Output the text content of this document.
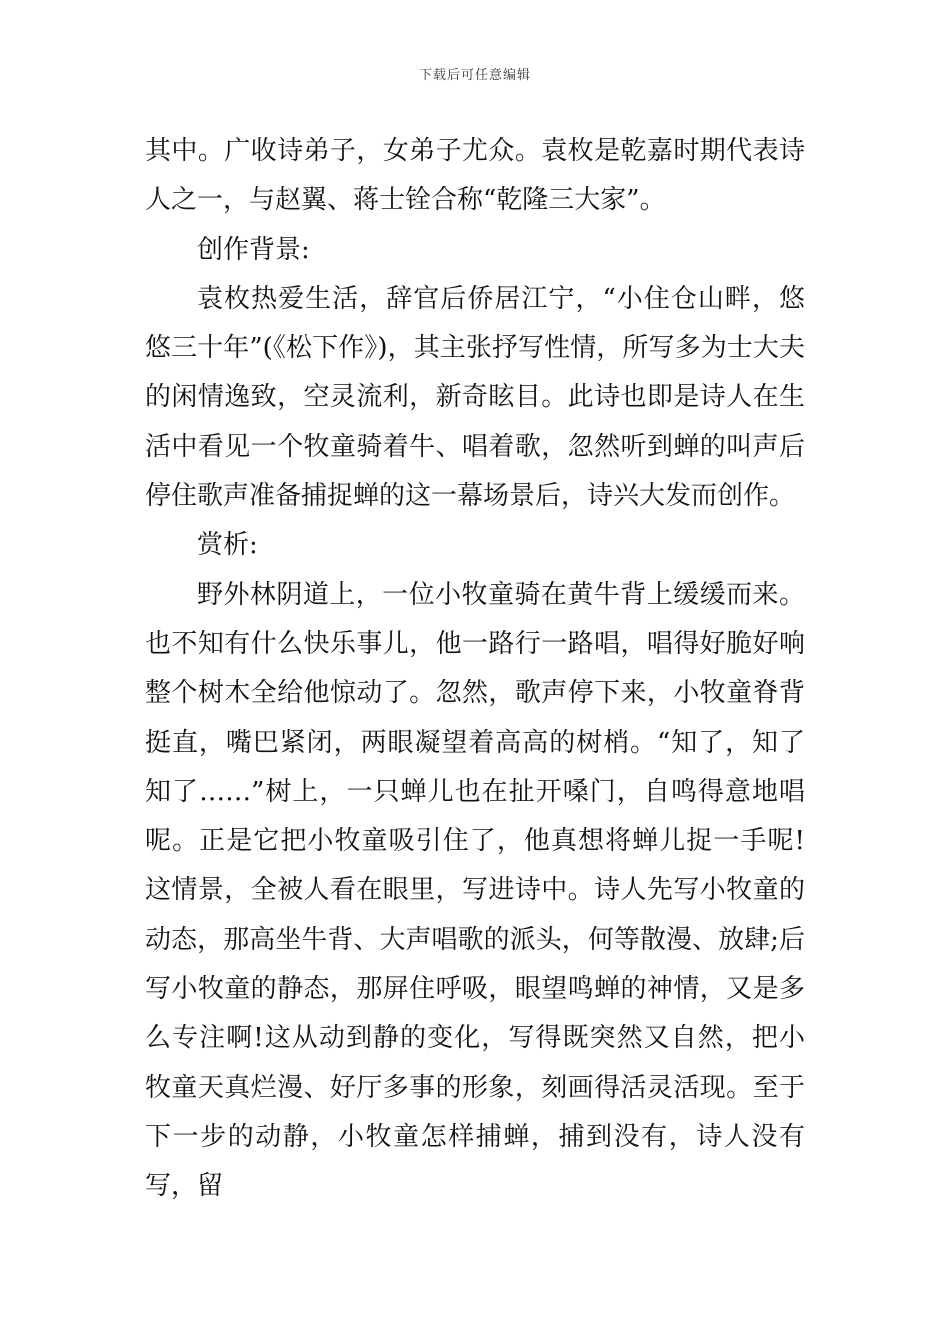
下载后可任意编辑

其中。广收诗弟子，女弟子尤众。袁枚是乾嘉时期代表诗人之一，与赵翼、蒋士铨合称“乾隆三大家”。

创作背景:

袁枚热爱生活，辞官后侨居江宁，“小住仓山畔，悠悠三十年”(《松下作》)，其主张抒写性情，所写多为士大夫的闲情逸致，空灵流利，新奇眩目。此诗也即是诗人在生活中看见一个牧童骑着牛、唱着歌，忽然听到蝉的叫声后停住歌声准备捕捉蝉的这一幕场景后，诗兴大发而创作。

赏析:

野外林阴道上，一位小牧童骑在黄牛背上缓缓而来。也不知有什么快乐事儿，他一路行一路唱，唱得好脆好响整个树木全给他惊动了。忽然，歌声停下来，小牧童脊背挺直，嘴巴紧闭，两眼凝望着高高的树梢。“知了，知了知了……”树上，一只蝉儿也在扯开嗓门，自鸣得意地唱呢。正是它把小牧童吸引住了，他真想将蝉儿捉一手呢!这情景，全被人看在眼里，写进诗中。诗人先写小牧童的动态，那高坐牛背、大声唱歌的派头，何等散漫、放肆;后写小牧童的静态，那屏住呼吸，眼望鸣蝉的神情，又是多么专注啊!这从动到静的变化，写得既突然又自然，把小牧童天真烂漫、好厅多事的形象，刻画得活灵活现。至于下一步的动静，小牧童怎样捕蝉，捕到没有，诗人没有写，留
